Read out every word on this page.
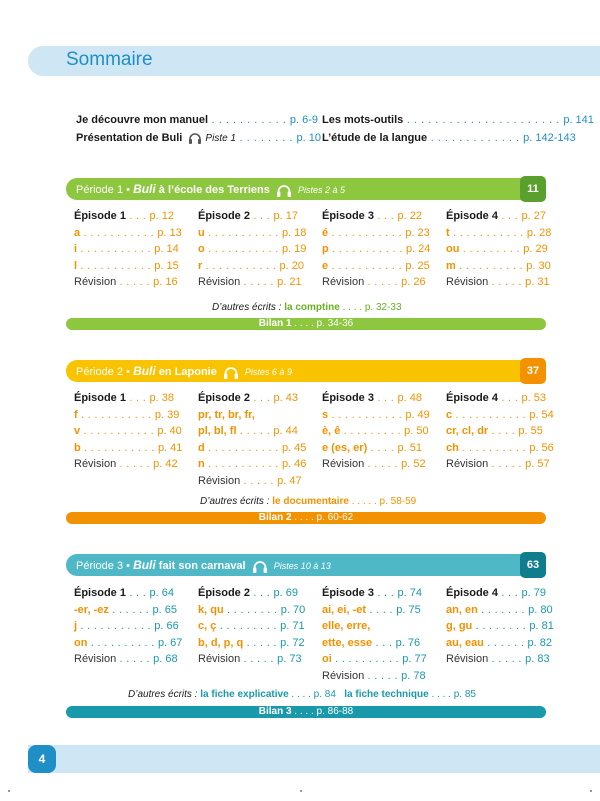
Sommaire
Je découvre mon manuel . . . . . . . . . . . p. 6-9
Présentation de Buli Piste 1 . . . . . . . . p. 10
Les mots-outils . . . . . . . . . . . . . . . . . . . . . . p. 141
L’étude de la langue . . . . . . . . . . . . . p. 142-143
Période 1 • Buli à l’école des Terriens	Pistes 2 à 5	11
Épisode 1 . . . p. 12
a . . . . . . . . . . . p. 13
i . . . . . . . . . . . p. 14
l . . . . . . . . . . . p. 15
Révision . . . . . p. 16
Épisode 2 . . . p. 17
u . . . . . . . . . . . p. 18
o . . . . . . . . . . . p. 19
r . . . . . . . . . . . p. 20
Révision . . . . . p. 21
Épisode 3 . . . p. 22
é . . . . . . . . . . . p. 23
p . . . . . . . . . . . p. 24
e . . . . . . . . . . . p. 25
Révision . . . . . p. 26
Épisode 4 . . . p. 27
t . . . . . . . . . . . p. 28
ou . . . . . . . . . p. 29
m . . . . . . . . . . p. 30
Révision . . . . . p. 31
D’autres écrits : la comptine . . . . p. 32-33
Bilan 1 . . . . p. 34-36
Période 2 • Buli en Laponie	Pistes 6 à 9	37
Épisode 1 . . . p. 38
f . . . . . . . . . . . p. 39
v . . . . . . . . . . . p. 40
b . . . . . . . . . . . p. 41
Révision . . . . . p. 42
Épisode 2 . . . p. 43
pr, tr, br, fr,
pl, bl, fl . . . . . p. 44
d . . . . . . . . . . . p. 45
n . . . . . . . . . . . p. 46
Révision . . . . . p. 47
Épisode 3 . . . p. 48
s . . . . . . . . . . . p. 49
è, ê . . . . . . . . . p. 50
e (es, er) . . . . p. 51
Révision . . . . . p. 52
Épisode 4 . . . p. 53
c . . . . . . . . . . . p. 54
cr, cl, dr . . . . p. 55
ch . . . . . . . . . . p. 56
Révision . . . . . p. 57
D’autres écrits : le documentaire . . . . . p. 58-59
Bilan 2 . . . . p. 60-62
Période 3 • Buli fait son carnaval	Pistes 10 à 13	63
Épisode 1 . . . p. 64
-er, -ez . . . . . . p. 65
j . . . . . . . . . . . p. 66
on . . . . . . . . . . p. 67
Révision . . . . . p. 68
Épisode 2 . . . p. 69
k, qu . . . . . . . . p. 70
c, ç . . . . . . . . . p. 71
b, d, p, q . . . . . p. 72
Révision . . . . . p. 73
Épisode 3 . . . p. 74
ai, ei, -et . . . . p. 75
elle, erre,
ette, esse . . . p. 76
oi . . . . . . . . . . p. 77
Révision . . . . . p. 78
Épisode 4 . . . p. 79
an, en . . . . . . . p. 80
g, gu . . . . . . . . p. 81
au, eau . . . . . . p. 82
Révision . . . . . p. 83
D’autres écrits : la fiche explicative . . . . p. 84 la fiche technique . . . . p. 85
Bilan 3 . . . . p. 86-88
4
